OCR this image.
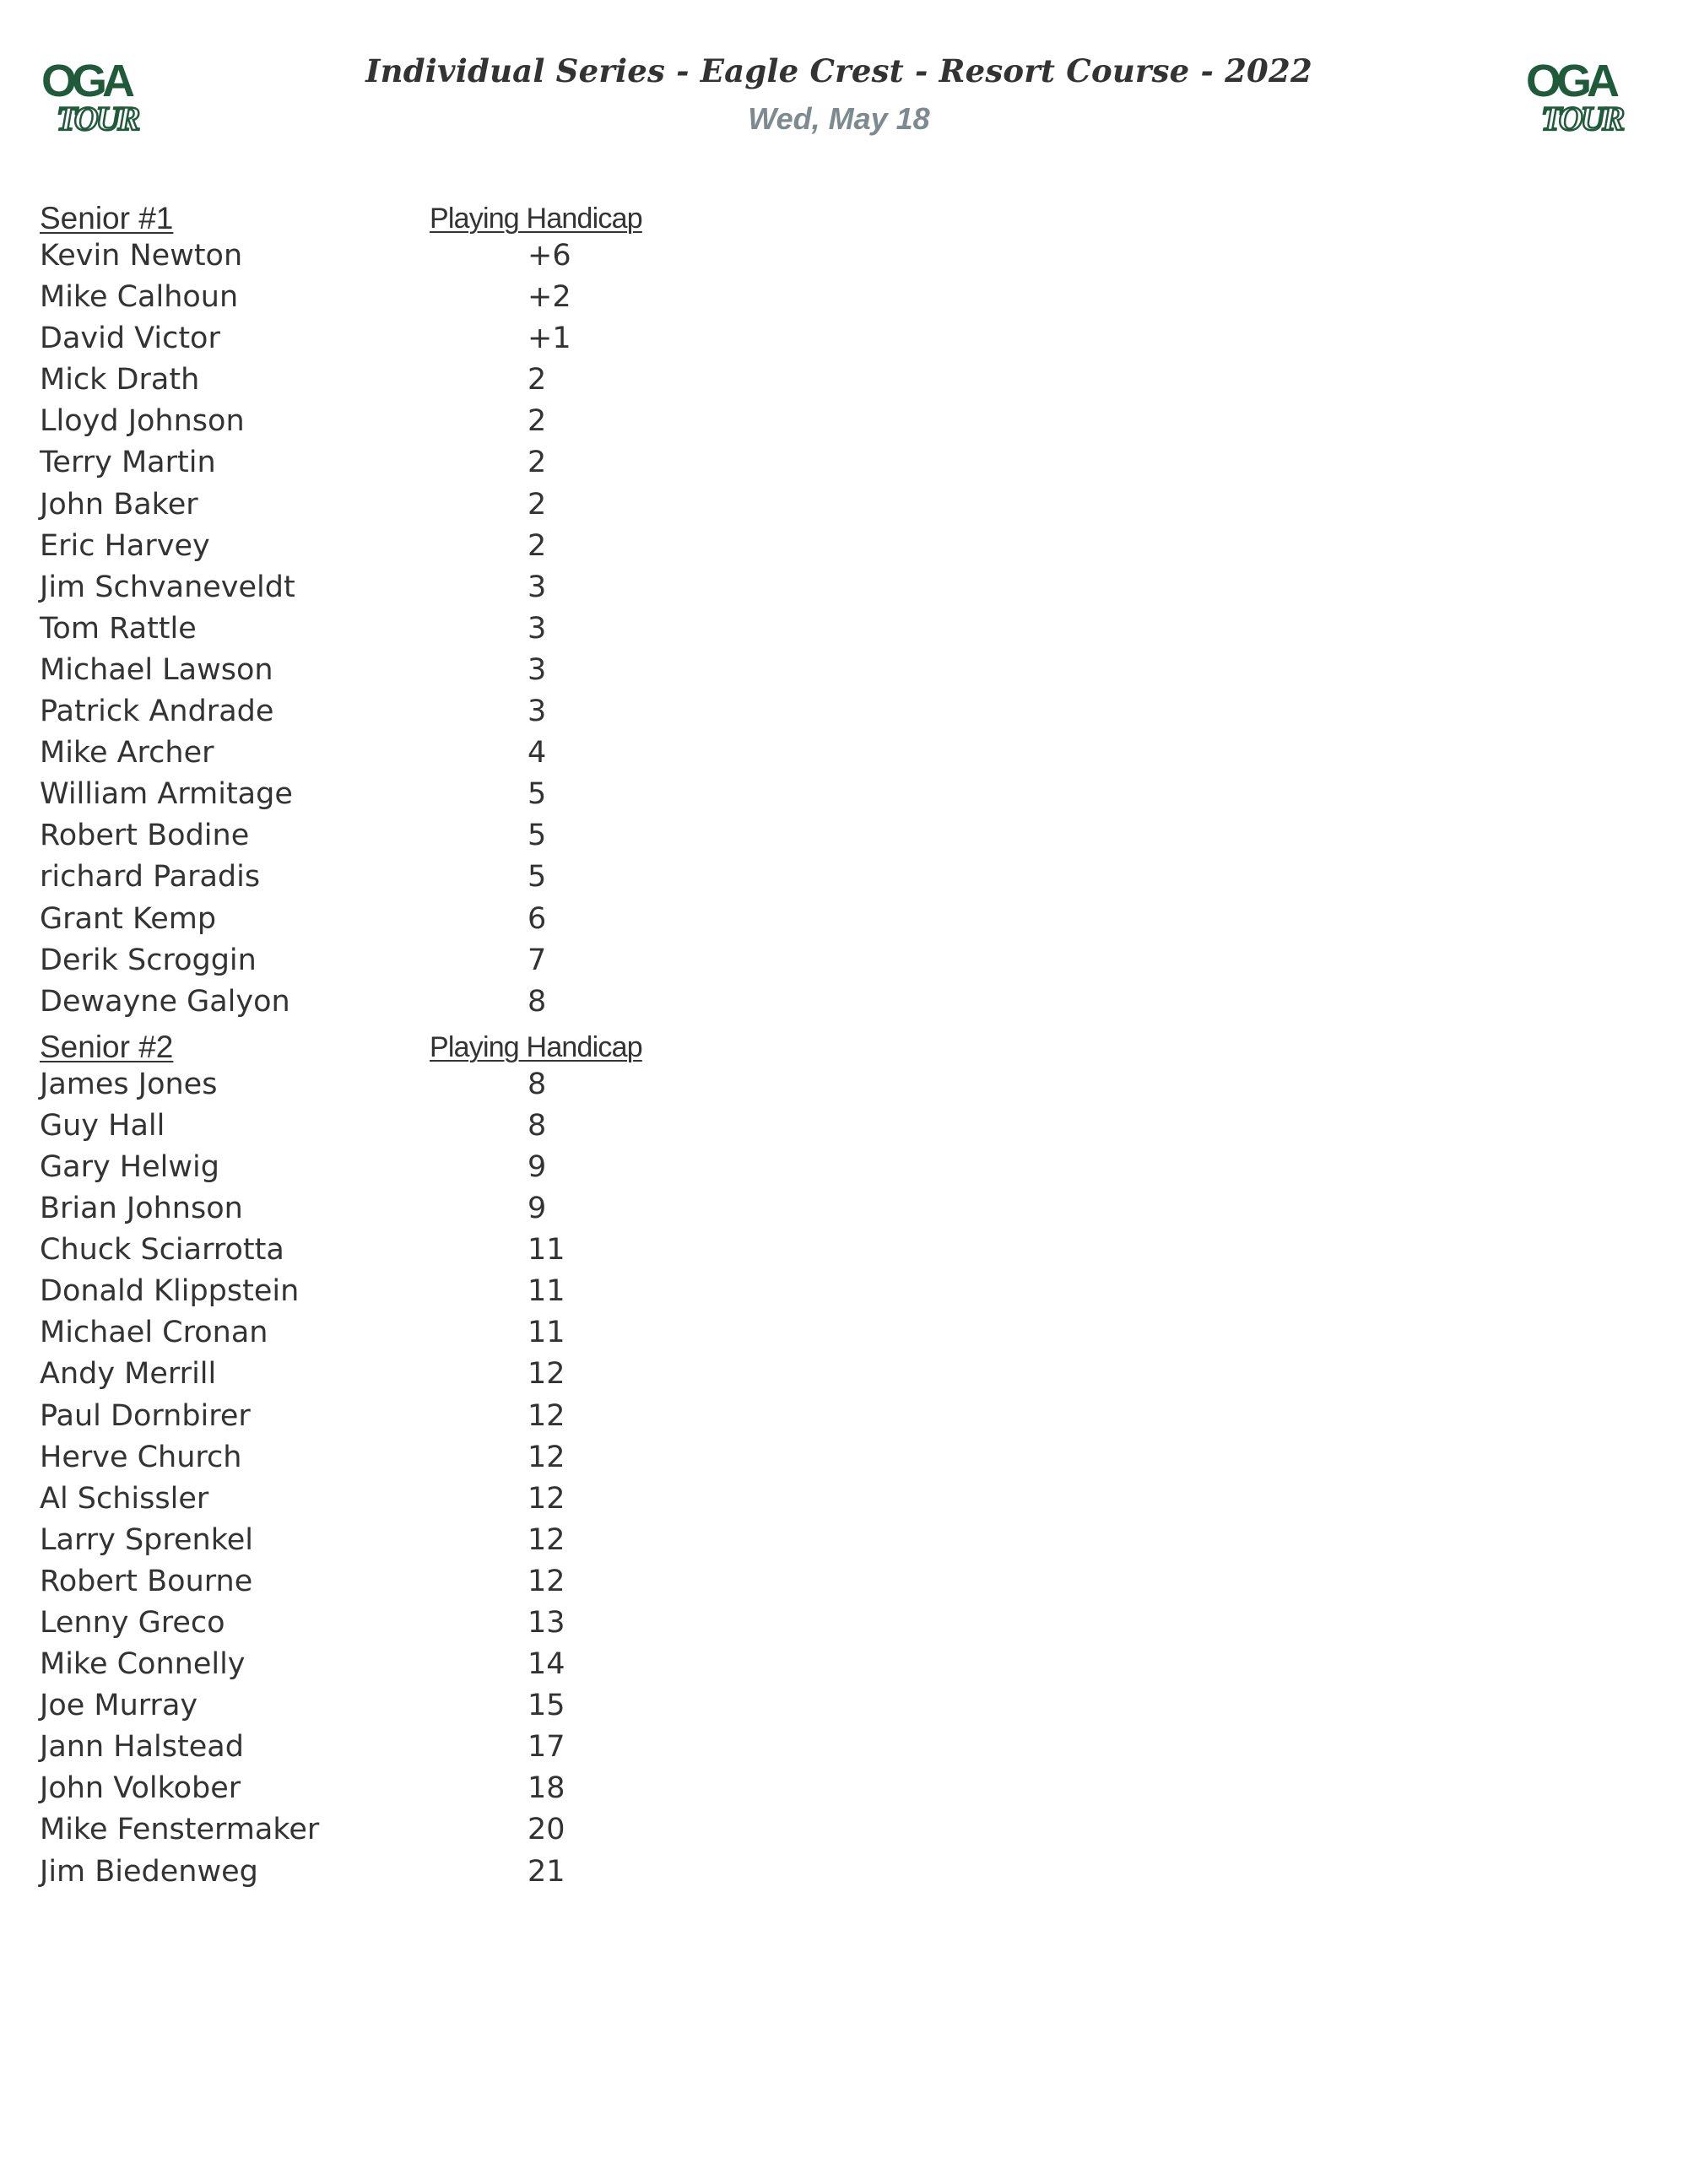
OGA
TOUR
OGA
TOUR
Individual Series - Eagle Crest - Resort Course - 2022
Wed, May 18
Senior #1	Playing Handicap
Kevin Newton	+6
Mike Calhoun	+2
David Victor	+1
Mick Drath	2
Lloyd Johnson	2
Terry Martin	2
John Baker	2
Eric Harvey	2
Jim Schvaneveldt	3
Tom Rattle	3
Michael Lawson	3
Patrick Andrade	3
Mike Archer	4
William Armitage	5
Robert Bodine	5
richard Paradis	5
Grant Kemp	6
Derik Scroggin	7
Dewayne Galyon	8
Senior #2	Playing Handicap
James Jones	8
Guy Hall	8
Gary Helwig	9
Brian Johnson	9
Chuck Sciarrotta	11
Donald Klippstein	11
Michael Cronan	11
Andy Merrill	12
Paul Dornbirer	12
Herve Church	12
Al Schissler	12
Larry Sprenkel	12
Robert Bourne	12
Lenny Greco	13
Mike Connelly	14
Joe Murray	15
Jann Halstead	17
John Volkober	18
Mike Fenstermaker	20
Jim Biedenweg	21
